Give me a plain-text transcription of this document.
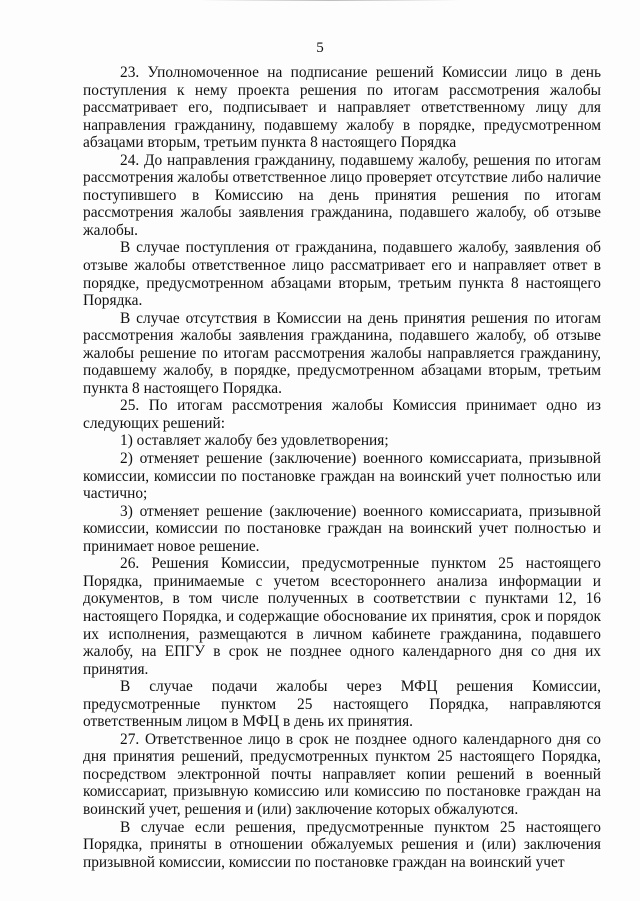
5

23. Уполномоченное на подписание решений Комиссии лицо в день поступления к нему проекта решения по итогам рассмотрения жалобы рассматривает его, подписывает и направляет ответственному лицу для направления гражданину, подавшему жалобу в порядке, предусмотренном абзацами вторым, третьим пункта 8 настоящего Порядка

24. До направления гражданину, подавшему жалобу, решения по итогам рассмотрения жалобы ответственное лицо проверяет отсутствие либо наличие поступившего в Комиссию на день принятия решения по итогам рассмотрения жалобы заявления гражданина, подавшего жалобу, об отзыве жалобы.

В случае поступления от гражданина, подавшего жалобу, заявления об отзыве жалобы ответственное лицо рассматривает его и направляет ответ в порядке, предусмотренном абзацами вторым, третьим пункта 8 настоящего Порядка.

В случае отсутствия в Комиссии на день принятия решения по итогам рассмотрения жалобы заявления гражданина, подавшего жалобу, об отзыве жалобы решение по итогам рассмотрения жалобы направляется гражданину, подавшему жалобу, в порядке, предусмотренном абзацами вторым, третьим пункта 8 настоящего Порядка.

25. По итогам рассмотрения жалобы Комиссия принимает одно из следующих решений:

1) оставляет жалобу без удовлетворения;

2) отменяет решение (заключение) военного комиссариата, призывной комиссии, комиссии по постановке граждан на воинский учет полностью или частично;

3) отменяет решение (заключение) военного комиссариата, призывной комиссии, комиссии по постановке граждан на воинский учет полностью и принимает новое решение.

26. Решения Комиссии, предусмотренные пунктом 25 настоящего Порядка, принимаемые с учетом всестороннего анализа информации и документов, в том числе полученных в соответствии с пунктами 12, 16 настоящего Порядка, и содержащие обоснование их принятия, срок и порядок их исполнения, размещаются в личном кабинете гражданина, подавшего жалобу, на ЕПГУ в срок не позднее одного календарного дня со дня их принятия.

В случае подачи жалобы через МФЦ решения Комиссии, предусмотренные пунктом 25 настоящего Порядка, направляются ответственным лицом в МФЦ в день их принятия.

27. Ответственное лицо в срок не позднее одного календарного дня со дня принятия решений, предусмотренных пунктом 25 настоящего Порядка, посредством электронной почты направляет копии решений в военный комиссариат, призывную комиссию или комиссию по постановке граждан на воинский учет, решения и (или) заключение которых обжалуются.

В случае если решения, предусмотренные пунктом 25 настоящего Порядка, приняты в отношении обжалуемых решения и (или) заключения призывной комиссии, комиссии по постановке граждан на воинский учет
